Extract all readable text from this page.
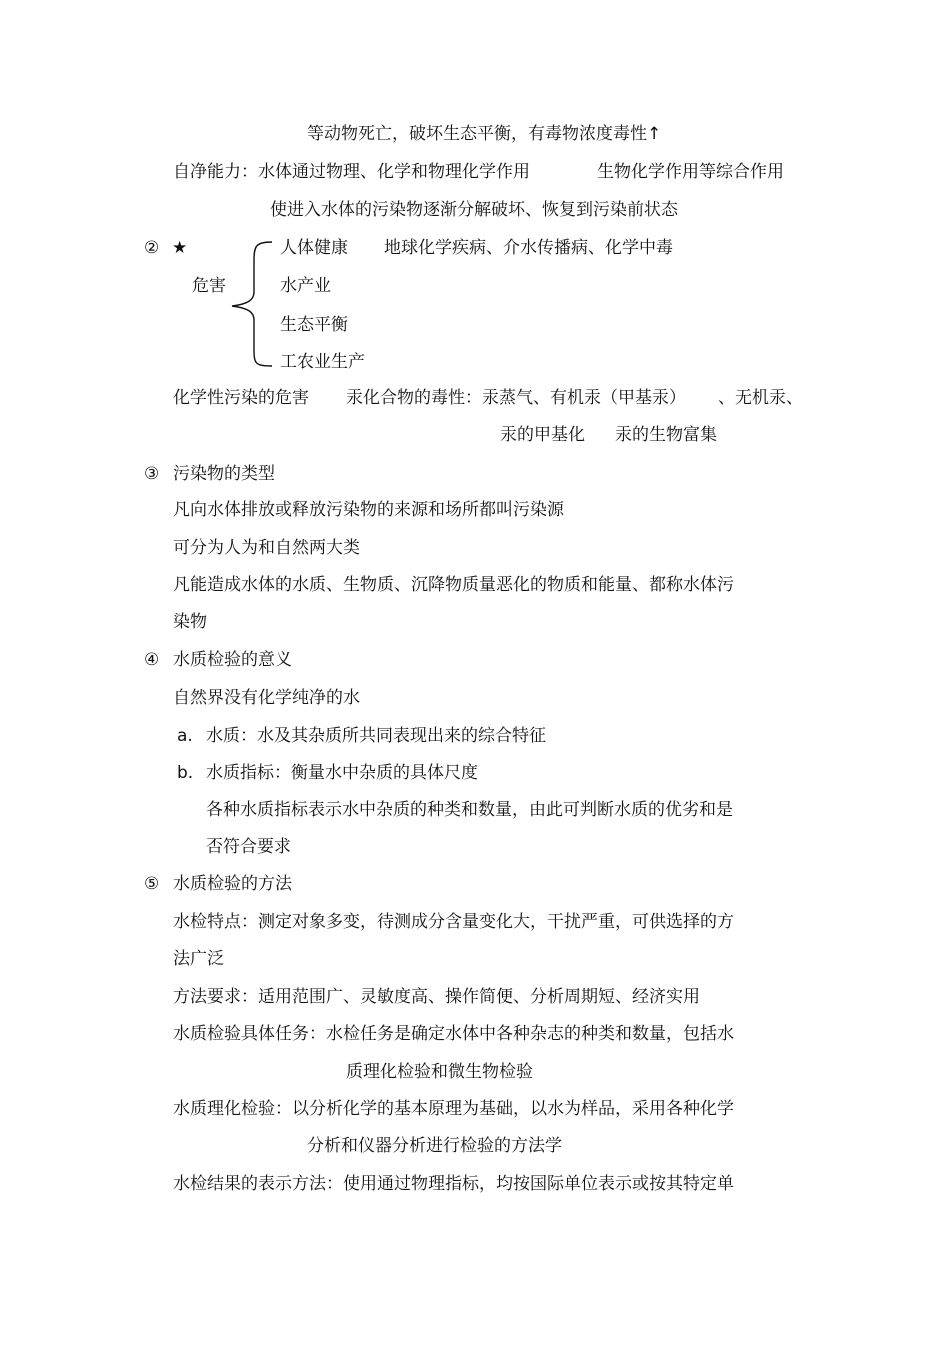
等动物死亡，破坏生态平衡，有毒物浓度毒性↑
自净能力：水体通过物理、化学和物理化学作用	生物化学作用等综合作用
使进入水体的污染物逐渐分解破坏、恢复到污染前状态
② ★
危害
人体健康 地球化学疾病、介水传播病、化学中毒
水产业
生态平衡
工农业生产
化学性污染的危害 汞化合物的毒性：汞蒸气、有机汞（甲基汞） 、无机汞、
汞的甲基化 汞的生物富集
③ 污染物的类型
凡向水体排放或释放污染物的来源和场所都叫污染源
可分为人为和自然两大类
凡能造成水体的水质、生物质、沉降物质量恶化的物质和能量、都称水体污
染物
④ 水质检验的意义
自然界没有化学纯净的水
a. 水质：水及其杂质所共同表现出来的综合特征
b. 水质指标：衡量水中杂质的具体尺度
各种水质指标表示水中杂质的种类和数量，由此可判断水质的优劣和是
否符合要求
⑤ 水质检验的方法
水检特点：测定对象多变，待测成分含量变化大，干扰严重，可供选择的方
法广泛
方法要求：适用范围广、灵敏度高、操作简便、分析周期短、经济实用
水质检验具体任务：水检任务是确定水体中各种杂志的种类和数量，包括水
质理化检验和微生物检验
水质理化检验：以分析化学的基本原理为基础，以水为样品，采用各种化学
分析和仪器分析进行检验的方法学
水检结果的表示方法：使用通过物理指标，均按国际单位表示或按其特定单
